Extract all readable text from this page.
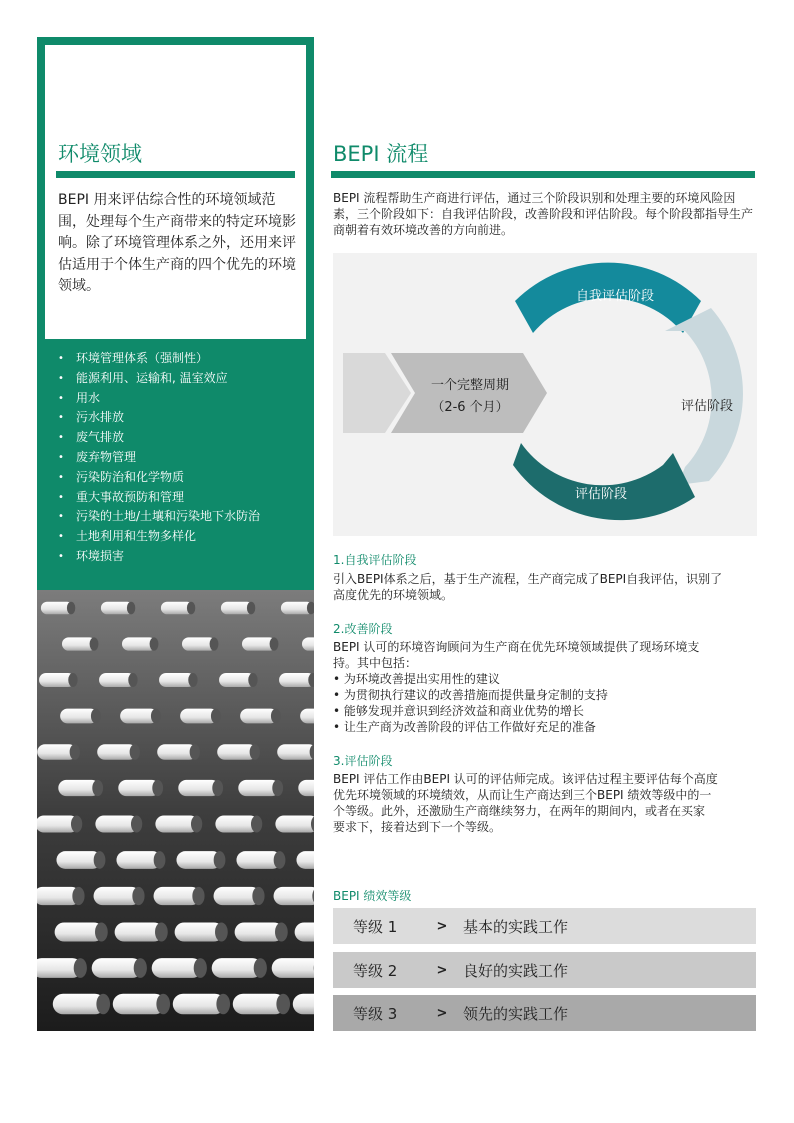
环境领域
BEPI 用来评估综合性的环境领域范围，处理每个生产商带来的特定环境影响。除了环境管理体系之外，还用来评估适用于个体生产商的四个优先的环境领域。
• 环境管理体系（强制性）
• 能源利用、运输和, 温室效应
• 用水
• 污水排放
• 废气排放
• 废弃物管理
• 污染防治和化学物质
• 重大事故预防和管理
• 污染的土地/土壤和污染地下水防治
• 土地利用和生物多样化
• 环境损害
BEPI 流程
BEPI 流程帮助生产商进行评估，通过三个阶段识别和处理主要的环境风险因素，三个阶段如下：自我评估阶段，改善阶段和评估阶段。每个阶段都指导生产商朝着有效环境改善的方向前进。
一个完整周期
（2-6 个月）
自我评估阶段
评估阶段
评估阶段
1.自我评估阶段
引入BEPI体系之后，基于生产流程，生产商完成了BEPI自我评估，识别了
高度优先的环境领域。
2.改善阶段
BEPI 认可的环境咨询顾问为生产商在优先环境领域提供了现场环境支
持。其中包括：
• 为环境改善提出实用性的建议
• 为贯彻执行建议的改善措施而提供量身定制的支持
• 能够发现并意识到经济效益和商业优势的增长
• 让生产商为改善阶段的评估工作做好充足的准备
3.评估阶段
BEPI 评估工作由BEPI 认可的评估师完成。该评估过程主要评估每个高度
优先环境领域的环境绩效，从而让生产商达到三个BEPI 绩效等级中的一
个等级。此外，还激励生产商继续努力，在两年的期间内，或者在买家
要求下，接着达到下一个等级。
BEPI 绩效等级
等级 1	>	基本的实践工作
等级 2	>	良好的实践工作
等级 3	>	领先的实践工作
